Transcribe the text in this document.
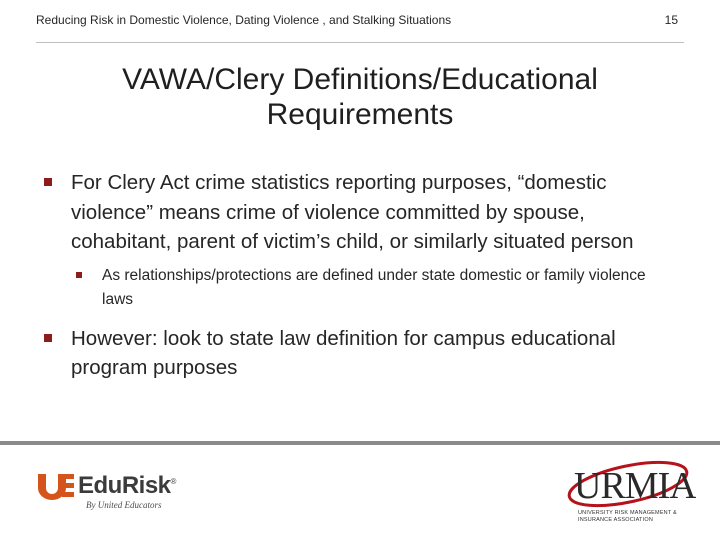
Reducing Risk in Domestic Violence, Dating Violence , and Stalking Situations	15
VAWA/Clery Definitions/Educational Requirements
For Clery Act crime statistics reporting purposes, “domestic violence” means crime of violence committed by spouse, cohabitant, parent of victim’s child, or similarly situated person
As relationships/protections are defined under state domestic or family violence laws
However: look to state law definition for campus educational program purposes
EduRisk®
By United Educators	URMIA
UNIVERSITY RISK MANAGEMENT & INSURANCE ASSOCIATION
